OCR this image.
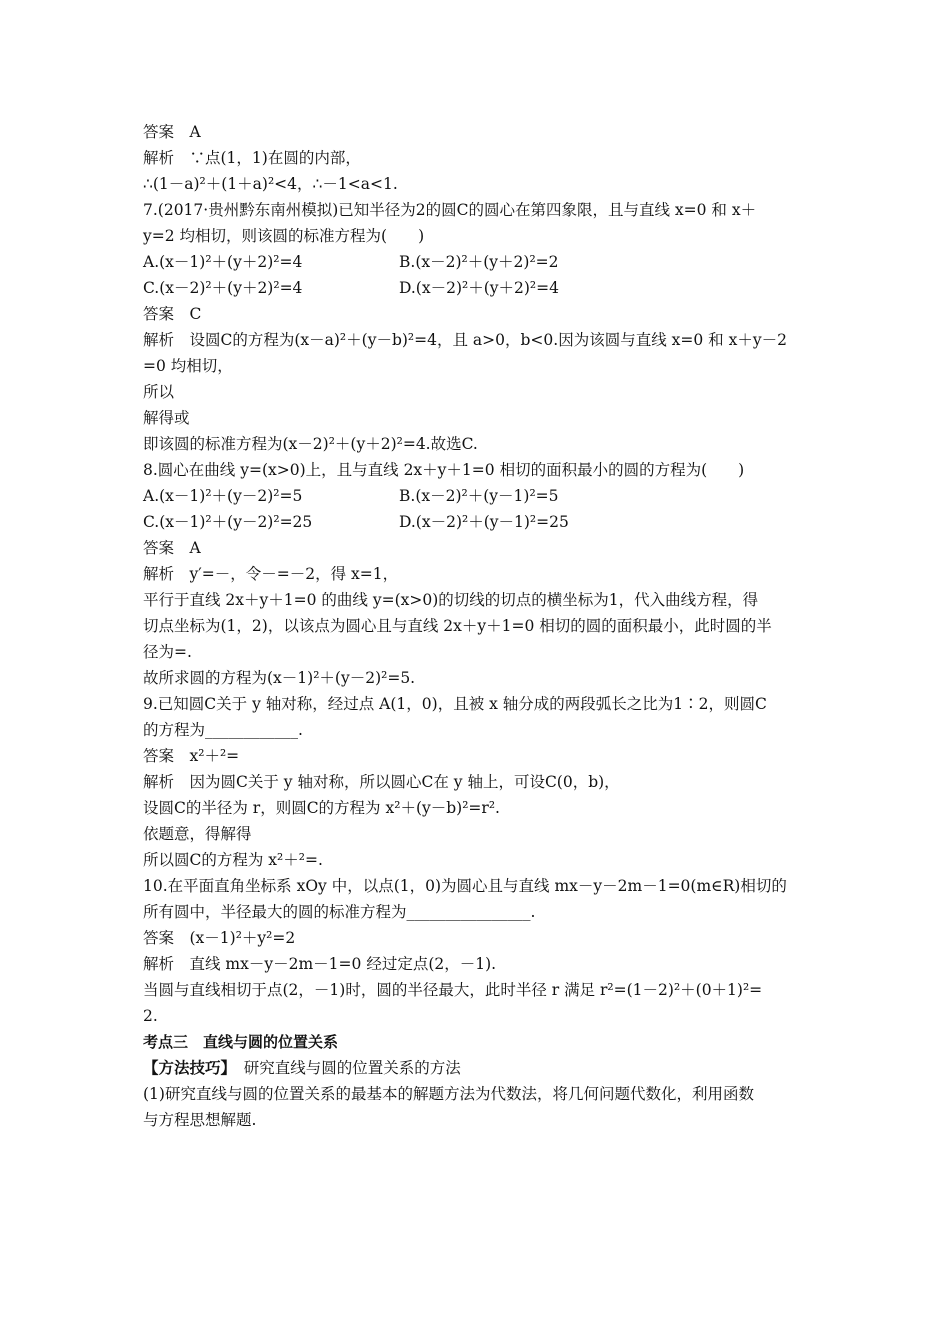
答案　A
解析　∵点(1，1)在圆的内部，
∴(1－a)²＋(1＋a)²<4，∴－1<a<1.
7.(2017·贵州黔东南州模拟)已知半径为2的圆C的圆心在第四象限，且与直线 x=0 和 x＋
y=2 均相切，则该圆的标准方程为(　　)
A.(x－1)²＋(y＋2)²=4	B.(x－2)²＋(y＋2)²=2
C.(x－2)²＋(y＋2)²=4	D.(x－2)²＋(y＋2)²=4
答案　C
解析　设圆C的方程为(x－a)²＋(y－b)²=4，且 a>0，b<0.因为该圆与直线 x=0 和 x＋y－2
=0 均相切，
所以
解得或
即该圆的标准方程为(x－2)²＋(y＋2)²=4.故选C.
8.圆心在曲线 y=(x>0)上，且与直线 2x＋y＋1=0 相切的面积最小的圆的方程为(　　)
A.(x－1)²＋(y－2)²=5	B.(x－2)²＋(y－1)²=5
C.(x－1)²＋(y－2)²=25	D.(x－2)²＋(y－1)²=25
答案　A
解析　y′=－，令－=－2，得 x=1，
平行于直线 2x＋y＋1=0 的曲线 y=(x>0)的切线的切点的横坐标为1，代入曲线方程，得
切点坐标为(1，2)，以该点为圆心且与直线 2x＋y＋1=0 相切的圆的面积最小，此时圆的半
径为=.
故所求圆的方程为(x－1)²＋(y－2)²=5.
9.已知圆C关于 y 轴对称，经过点 A(1，0)，且被 x 轴分成的两段弧长之比为1∶2，则圆C
的方程为____________.
答案　x²＋²=
解析　因为圆C关于 y 轴对称，所以圆心C在 y 轴上，可设C(0，b)，
设圆C的半径为 r，则圆C的方程为 x²＋(y－b)²=r².
依题意，得解得
所以圆C的方程为 x²＋²=.
10.在平面直角坐标系 xOy 中，以点(1，0)为圆心且与直线 mx－y－2m－1=0(m∈R)相切的
所有圆中，半径最大的圆的标准方程为________________.
答案　(x－1)²＋y²=2
解析　直线 mx－y－2m－1=0 经过定点(2，－1).
当圆与直线相切于点(2，－1)时，圆的半径最大，此时半径 r 满足 r²=(1－2)²＋(0＋1)²=
2.
考点三　直线与圆的位置关系
【方法技巧】　研究直线与圆的位置关系的方法
(1)研究直线与圆的位置关系的最基本的解题方法为代数法，将几何问题代数化，利用函数
与方程思想解题.
